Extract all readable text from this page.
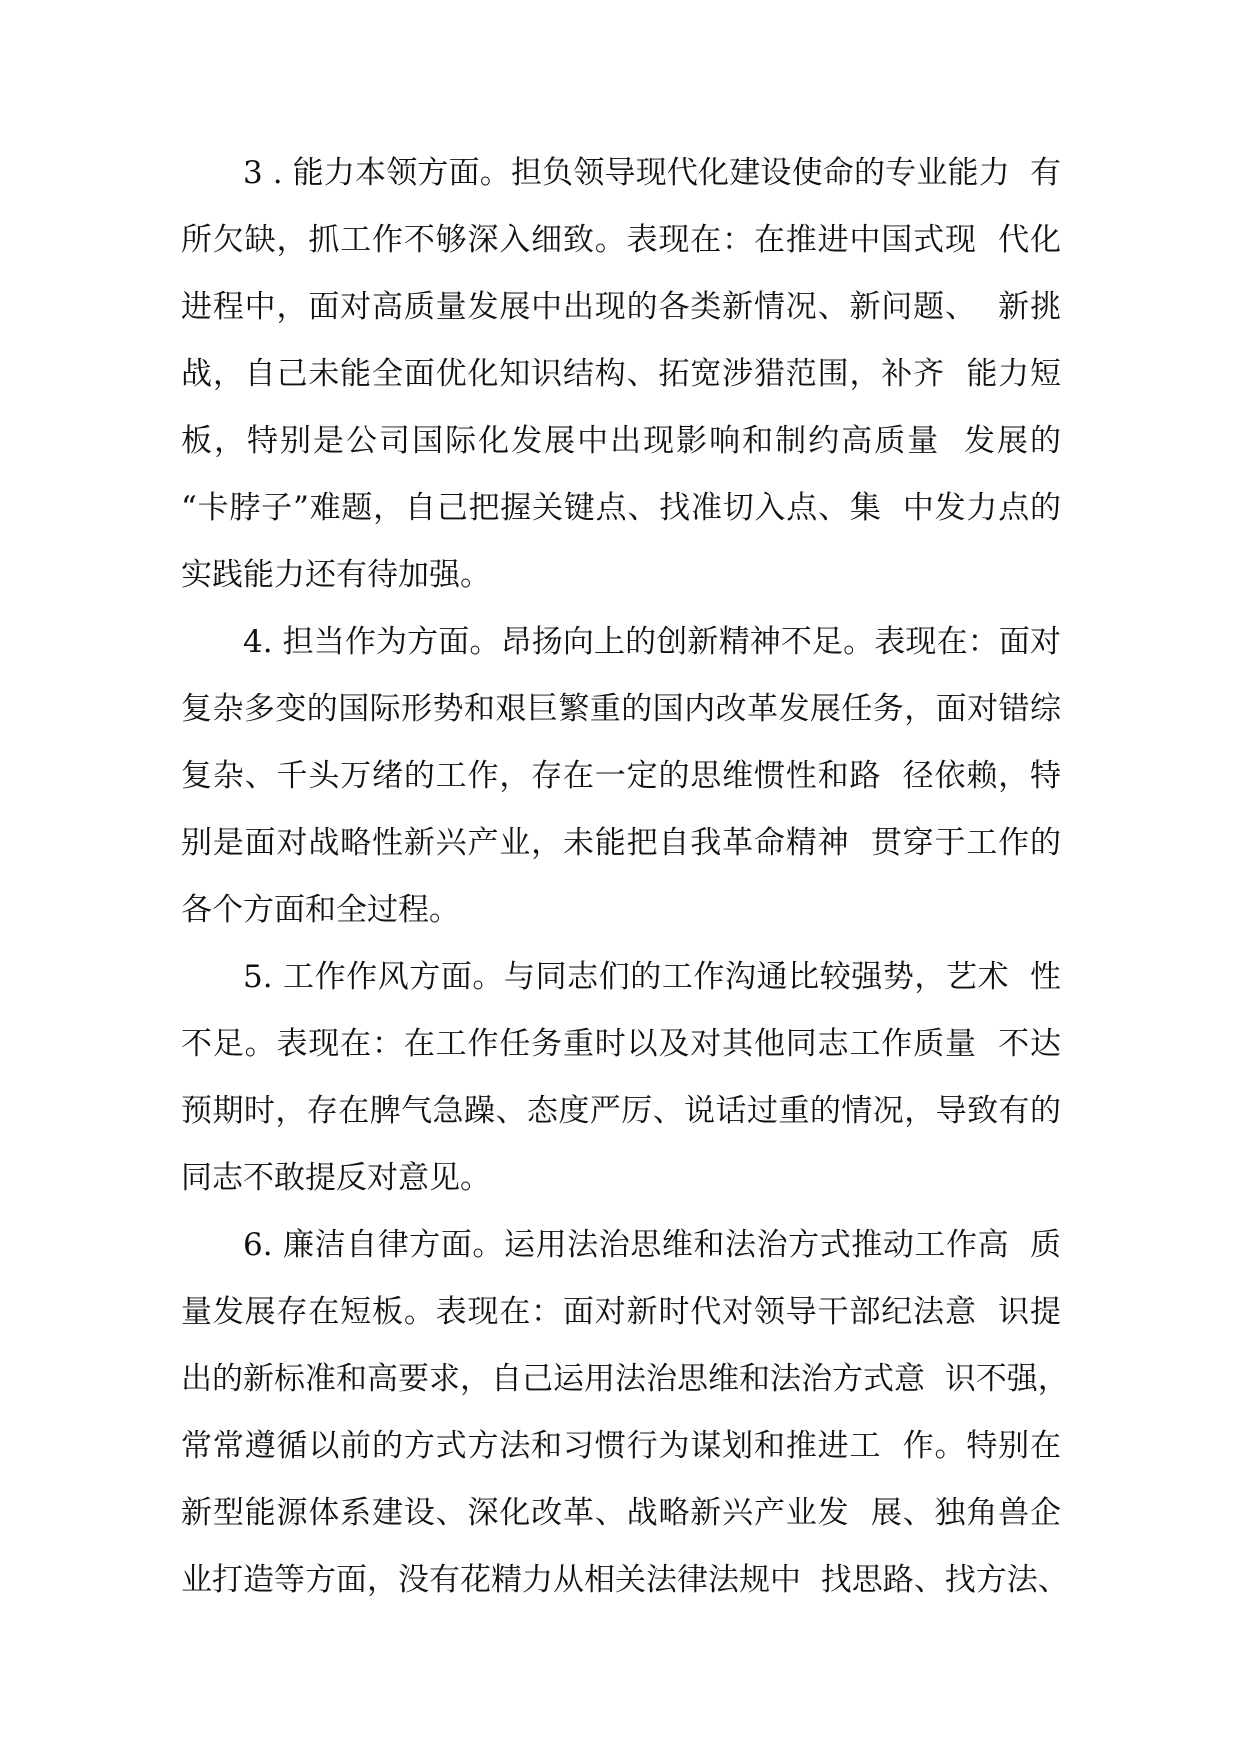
3 . 能力本领方面。担负领导现代化建设使命的专业能力  有

所欠缺，抓工作不够深入细致。表现在：在推进中国式现  代化

进程中，面对高质量发展中出现的各类新情况、新问题、  新挑

战，自己未能全面优化知识结构、拓宽涉猎范围，补齐  能力短

板，特别是公司国际化发展中出现影响和制约高质量  发展的

“卡脖子”难题，自己把握关键点、找准切入点、集  中发力点的

实践能力还有待加强。

4. 担当作为方面。昂扬向上的创新精神不足。表现在：面对

复杂多变的国际形势和艰巨繁重的国内改革发展任务，面对错综

复杂、千头万绪的工作，存在一定的思维惯性和路  径依赖，特

别是面对战略性新兴产业，未能把自我革命精神  贯穿于工作的

各个方面和全过程。

5. 工作作风方面。与同志们的工作沟通比较强势，艺术  性

不足。表现在：在工作任务重时以及对其他同志工作质量  不达

预期时，存在脾气急躁、态度严厉、说话过重的情况，导致有的

同志不敢提反对意见。

6. 廉洁自律方面。运用法治思维和法治方式推动工作高  质

量发展存在短板。表现在：面对新时代对领导干部纪法意  识提

出的新标准和高要求，自己运用法治思维和法治方式意  识不强，

常常遵循以前的方式方法和习惯行为谋划和推进工  作。特别在

新型能源体系建设、深化改革、战略新兴产业发  展、独角兽企

业打造等方面，没有花精力从相关法律法规中  找思路、找方法、
